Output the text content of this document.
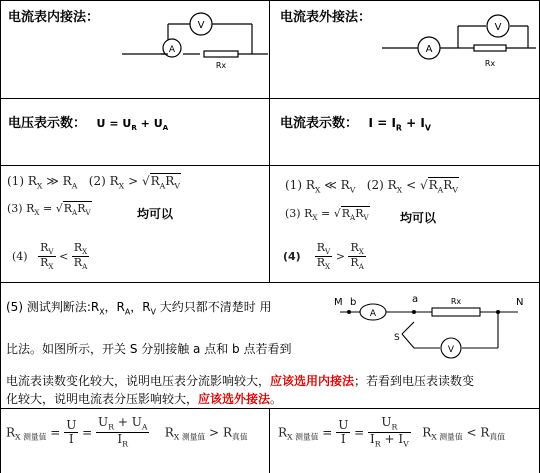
电流表内接法：	电流表外接法：
V
A
Rx
A
V
Rx
电压表示数： $U = U_R + U_A$	电流表示数： $I = I_R + I_V$
(1) $R_X$ ≫ $R_A$ (2) $R_X > √R_AR_V$
(3) $R_X = √R_AR_V$	均可以
$(4) \frac{R_V}{R_X} < \frac{R_X}{R_A}$
(1) $R_X$ ≪ $R_V$ (2) $R_X < √R_AR_V$
(3) $R_X = √R_AR_V$	均可以
$(4) \frac{R_V}{R_X} > \frac{R_X}{R_A}$
(5) 测试判断法$:R_X$，$R_A$，$R_V$ 大约只都不清楚时 用
比法。如图所示，开关 S 分别接触 a 点和 b 点若看到
电流表读数变化较大，说明电压表分流影响较大，应该选用内接法；若看到电压表读数变
化较大，说明电流表分压影响较大，应该选外接法。
M b	a	N
S
A
V
Rx
$R_{X 测量值} = \frac{U}{I} = \frac{U_R + U_A}{I_R} R_{X 测量值} > R_{真值}$	$R_{X 测量值} = \frac{U}{I} = \frac{U_R}{I_R + I_V} R_{X 测量值} < R_{真值}$
